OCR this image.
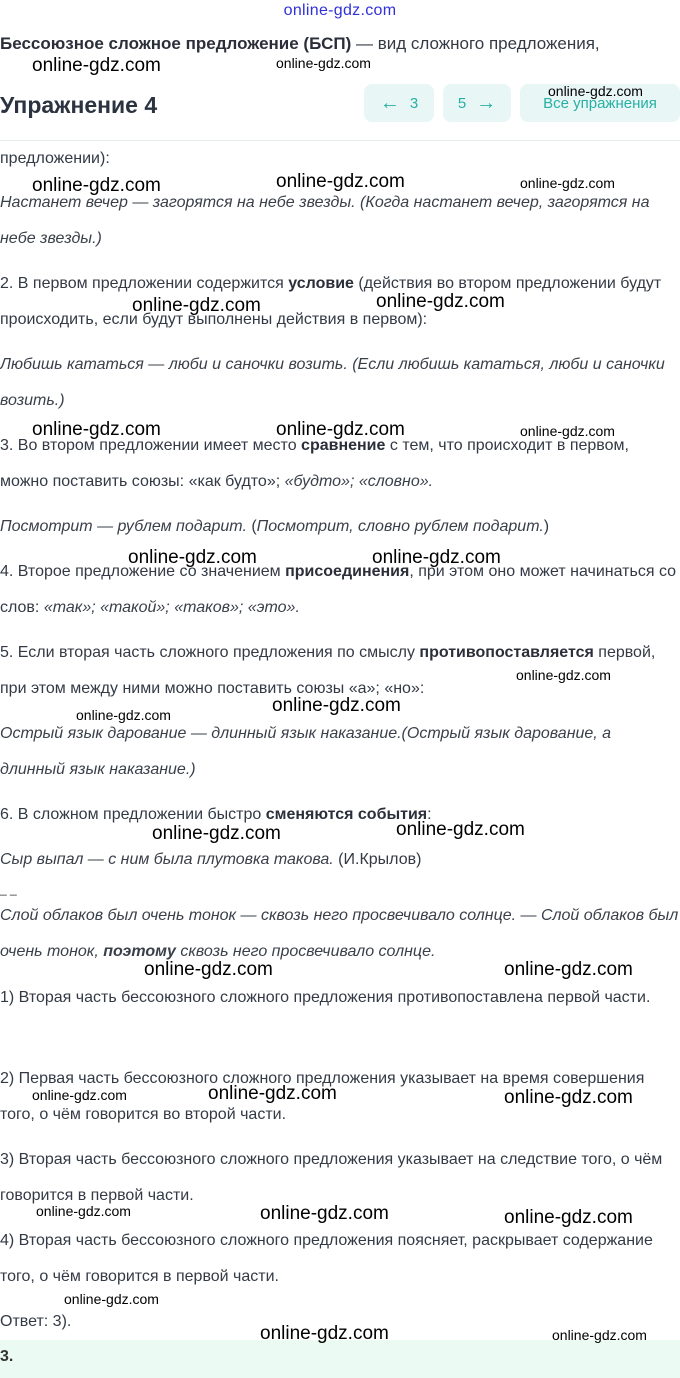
online-gdz.com
Бессоюзное сложное предложение (БСП) — вид сложного предложения,
Упражнение 4	← 3	5 →	Все упражнения

предложении):

Настанет вечер — загорятся на небе звезды. (Когда настанет вечер, загорятся на небе звезды.)

2. В первом предложении содержится условие (действия во втором предложении будут происходить, если будут выполнены действия в первом):

Любишь кататься — люби и саночки возить. (Если любишь кататься, люби и саночки возить.)

3. Во втором предложении имеет место сравнение с тем, что происходит в первом, можно поставить союзы: «как будто»; «будто»; «словно».

Посмотрит — рублем подарит. (Посмотрит, словно рублем подарит.)

4. Второе предложение со значением присоединения, при этом оно может начинаться со слов: «так»; «такой»; «таков»; «это».

5. Если вторая часть сложного предложения по смыслу противопоставляется первой, при этом между ними можно поставить союзы «а»; «но»:

Острый язык дарование — длинный язык наказание.(Острый язык дарование, а длинный язык наказание.)

6. В сложном предложении быстро сменяются события:

Сыр выпал — с ним была плутовка такова. (И.Крылов)

_ _

Слой облаков был очень тонок — сквозь него просвечивало солнце. — Слой облаков был очень тонок, поэтому сквозь него просвечивало солнце.

1) Вторая часть бессоюзного сложного предложения противопоставлена первой части.

2) Первая часть бессоюзного сложного предложения указывает на время совершения того, о чём говорится во второй части.

3) Вторая часть бессоюзного сложного предложения указывает на следствие того, о чём говорится в первой части.

4) Вторая часть бессоюзного сложного предложения поясняет, раскрывает содержание того, о чём говорится в первой части.

Ответ: 3).

3.
online-gdz.com	online-gdz.com
online-gdz.com
online-gdz.com	online-gdz.com	online-gdz.com
online-gdz.com	online-gdz.com
online-gdz.com	online-gdz.com	online-gdz.com
online-gdz.com	online-gdz.com
online-gdz.com
online-gdz.com
online-gdz.com
online-gdz.com	online-gdz.com
online-gdz.com	online-gdz.com
online-gdz.com	online-gdz.com	online-gdz.com
online-gdz.com	online-gdz.com	online-gdz.com
online-gdz.com
online-gdz.com	online-gdz.com
